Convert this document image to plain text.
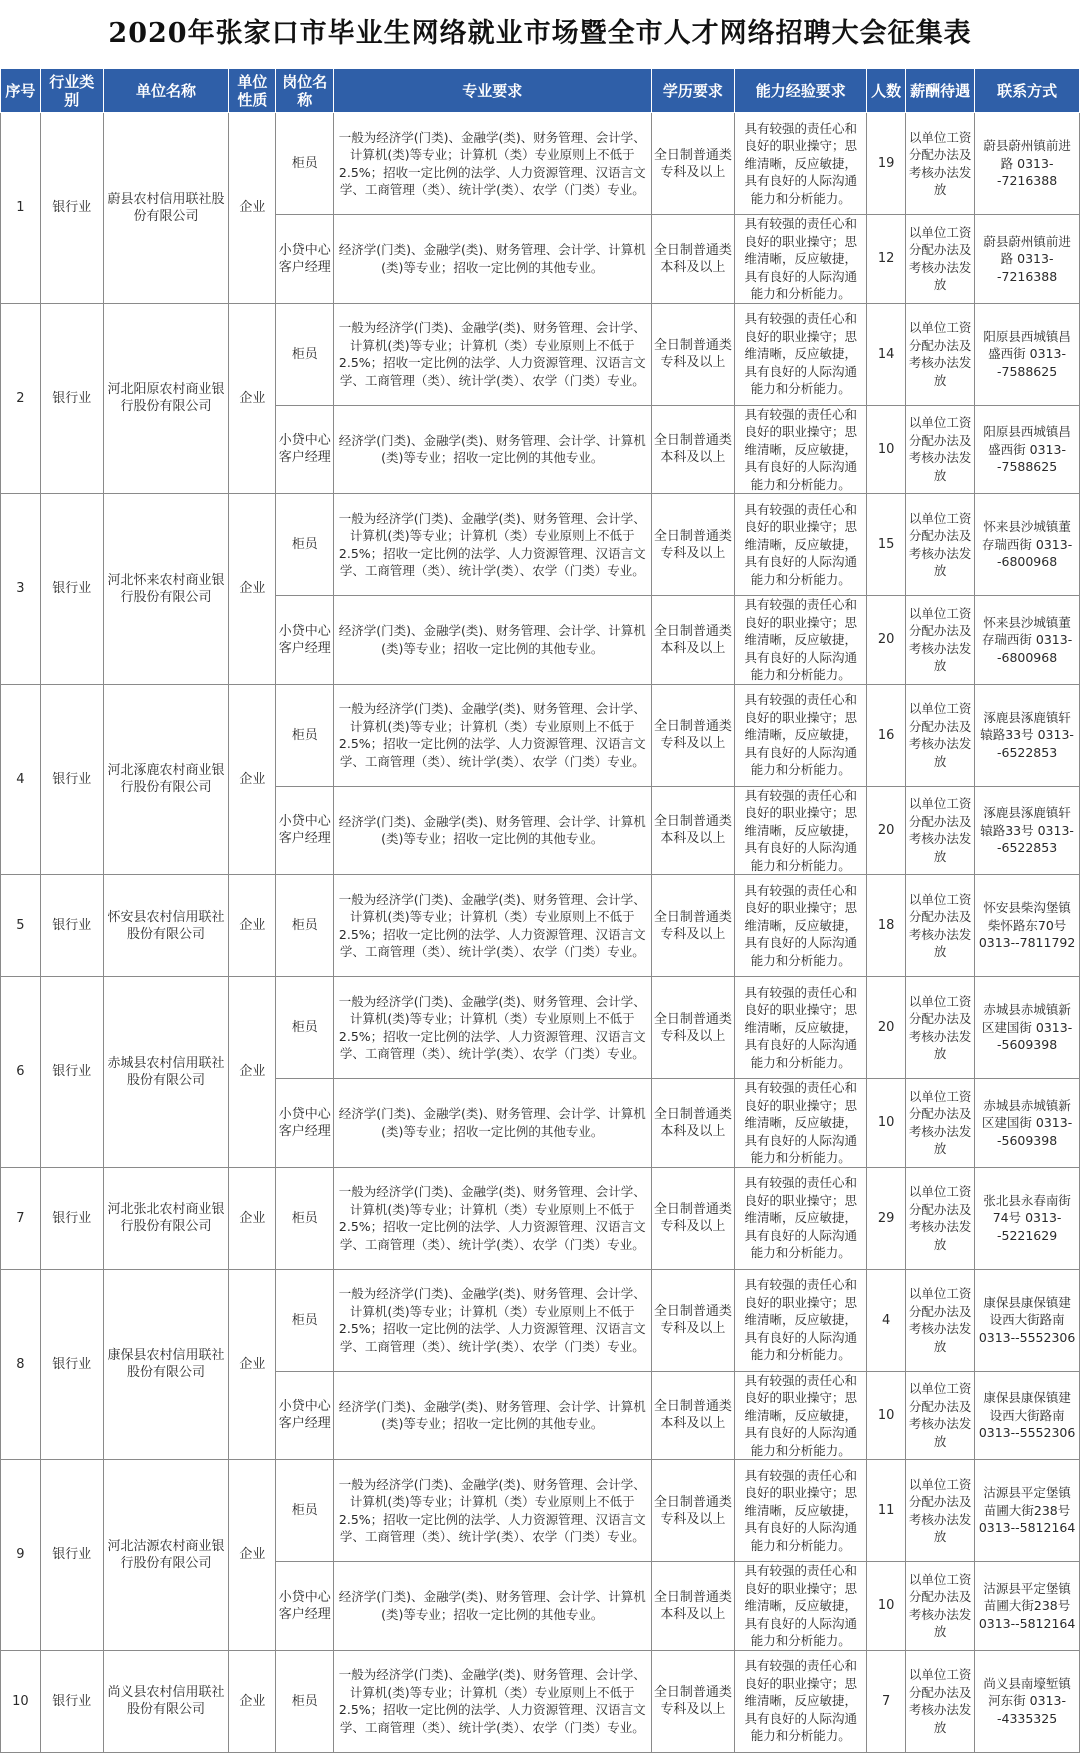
2020年张家口市毕业生网络就业市场暨全市人才网络招聘大会征集表
序号	行业类别	单位名称	单位性质	岗位名称	专业要求	学历要求	能力经验要求	人数	薪酬待遇	联系方式
1	银行业	蔚县农村信用联社股份有限公司	企业	柜员	一般为经济学(门类)、金融学(类)、财务管理、会计学、计算机(类)等专业；计算机（类）专业原则上不低于2.5%；招收一定比例的法学、人力资源管理、汉语言文学、工商管理（类）、统计学(类）、农学（门类）专业。	全日制普通类专科及以上	具有较强的责任心和良好的职业操守；思维清晰，反应敏捷，具有良好的人际沟通能力和分析能力。	19	以单位工资分配办法及考核办法发放	蔚县蔚州镇前进路 0313--7216388
				小贷中心客户经理	经济学(门类)、金融学(类)、财务管理、会计学、计算机(类)等专业；招收一定比例的其他专业。	全日制普通类本科及以上	具有较强的责任心和良好的职业操守；思维清晰，反应敏捷，具有良好的人际沟通能力和分析能力。	12	以单位工资分配办法及考核办法发放	蔚县蔚州镇前进路 0313--7216388
2	银行业	河北阳原农村商业银行股份有限公司	企业	柜员	一般为经济学(门类)、金融学(类)、财务管理、会计学、计算机(类)等专业；计算机（类）专业原则上不低于2.5%；招收一定比例的法学、人力资源管理、汉语言文学、工商管理（类）、统计学(类）、农学（门类）专业。	全日制普通类专科及以上	具有较强的责任心和良好的职业操守；思维清晰，反应敏捷，具有良好的人际沟通能力和分析能力。	14	以单位工资分配办法及考核办法发放	阳原县西城镇昌盛西街 0313--7588625
				小贷中心客户经理	经济学(门类)、金融学(类)、财务管理、会计学、计算机(类)等专业；招收一定比例的其他专业。	全日制普通类本科及以上	具有较强的责任心和良好的职业操守；思维清晰，反应敏捷，具有良好的人际沟通能力和分析能力。	10	以单位工资分配办法及考核办法发放	阳原县西城镇昌盛西街 0313--7588625
3	银行业	河北怀来农村商业银行股份有限公司	企业	柜员	一般为经济学(门类)、金融学(类)、财务管理、会计学、计算机(类)等专业；计算机（类）专业原则上不低于2.5%；招收一定比例的法学、人力资源管理、汉语言文学、工商管理（类）、统计学(类）、农学（门类）专业。	全日制普通类专科及以上	具有较强的责任心和良好的职业操守；思维清晰，反应敏捷，具有良好的人际沟通能力和分析能力。	15	以单位工资分配办法及考核办法发放	怀来县沙城镇董存瑞西街 0313--6800968
				小贷中心客户经理	经济学(门类)、金融学(类)、财务管理、会计学、计算机(类)等专业；招收一定比例的其他专业。	全日制普通类本科及以上	具有较强的责任心和良好的职业操守；思维清晰，反应敏捷，具有良好的人际沟通能力和分析能力。	20	以单位工资分配办法及考核办法发放	怀来县沙城镇董存瑞西街 0313--6800968
4	银行业	河北涿鹿农村商业银行股份有限公司	企业	柜员	一般为经济学(门类)、金融学(类)、财务管理、会计学、计算机(类)等专业；计算机（类）专业原则上不低于2.5%；招收一定比例的法学、人力资源管理、汉语言文学、工商管理（类）、统计学(类）、农学（门类）专业。	全日制普通类专科及以上	具有较强的责任心和良好的职业操守；思维清晰，反应敏捷，具有良好的人际沟通能力和分析能力。	16	以单位工资分配办法及考核办法发放	涿鹿县涿鹿镇轩辕路33号 0313--6522853
				小贷中心客户经理	经济学(门类)、金融学(类)、财务管理、会计学、计算机(类)等专业；招收一定比例的其他专业。	全日制普通类本科及以上	具有较强的责任心和良好的职业操守；思维清晰，反应敏捷，具有良好的人际沟通能力和分析能力。	20	以单位工资分配办法及考核办法发放	涿鹿县涿鹿镇轩辕路33号 0313--6522853
5	银行业	怀安县农村信用联社股份有限公司	企业	柜员	一般为经济学(门类)、金融学(类)、财务管理、会计学、计算机(类)等专业；计算机（类）专业原则上不低于2.5%；招收一定比例的法学、人力资源管理、汉语言文学、工商管理（类）、统计学(类）、农学（门类）专业。	全日制普通类专科及以上	具有较强的责任心和良好的职业操守；思维清晰，反应敏捷，具有良好的人际沟通能力和分析能力。	18	以单位工资分配办法及考核办法发放	怀安县柴沟堡镇柴怀路东70号 0313--7811792
6	银行业	赤城县农村信用联社股份有限公司	企业	柜员	一般为经济学(门类)、金融学(类)、财务管理、会计学、计算机(类)等专业；计算机（类）专业原则上不低于2.5%；招收一定比例的法学、人力资源管理、汉语言文学、工商管理（类）、统计学(类）、农学（门类）专业。	全日制普通类专科及以上	具有较强的责任心和良好的职业操守；思维清晰，反应敏捷，具有良好的人际沟通能力和分析能力。	20	以单位工资分配办法及考核办法发放	赤城县赤城镇新区建国街 0313--5609398
				小贷中心客户经理	经济学(门类)、金融学(类)、财务管理、会计学、计算机(类)等专业；招收一定比例的其他专业。	全日制普通类本科及以上	具有较强的责任心和良好的职业操守；思维清晰，反应敏捷，具有良好的人际沟通能力和分析能力。	10	以单位工资分配办法及考核办法发放	赤城县赤城镇新区建国街 0313--5609398
7	银行业	河北张北农村商业银行股份有限公司	企业	柜员	一般为经济学(门类)、金融学(类)、财务管理、会计学、计算机(类)等专业；计算机（类）专业原则上不低于2.5%；招收一定比例的法学、人力资源管理、汉语言文学、工商管理（类）、统计学(类）、农学（门类）专业。	全日制普通类专科及以上	具有较强的责任心和良好的职业操守；思维清晰，反应敏捷，具有良好的人际沟通能力和分析能力。	29	以单位工资分配办法及考核办法发放	张北县永春南街74号 0313--5221629
8	银行业	康保县农村信用联社股份有限公司	企业	柜员	一般为经济学(门类)、金融学(类)、财务管理、会计学、计算机(类)等专业；计算机（类）专业原则上不低于2.5%；招收一定比例的法学、人力资源管理、汉语言文学、工商管理（类）、统计学(类）、农学（门类）专业。	全日制普通类专科及以上	具有较强的责任心和良好的职业操守；思维清晰，反应敏捷，具有良好的人际沟通能力和分析能力。	4	以单位工资分配办法及考核办法发放	康保县康保镇建设西大街路南 0313--5552306
				小贷中心客户经理	经济学(门类)、金融学(类)、财务管理、会计学、计算机(类)等专业；招收一定比例的其他专业。	全日制普通类本科及以上	具有较强的责任心和良好的职业操守；思维清晰，反应敏捷，具有良好的人际沟通能力和分析能力。	10	以单位工资分配办法及考核办法发放	康保县康保镇建设西大街路南 0313--5552306
9	银行业	河北沽源农村商业银行股份有限公司	企业	柜员	一般为经济学(门类)、金融学(类)、财务管理、会计学、计算机(类)等专业；计算机（类）专业原则上不低于2.5%；招收一定比例的法学、人力资源管理、汉语言文学、工商管理（类）、统计学(类）、农学（门类）专业。	全日制普通类专科及以上	具有较强的责任心和良好的职业操守；思维清晰，反应敏捷，具有良好的人际沟通能力和分析能力。	11	以单位工资分配办法及考核办法发放	沽源县平定堡镇苗圃大街238号 0313--5812164
				小贷中心客户经理	经济学(门类)、金融学(类)、财务管理、会计学、计算机(类)等专业；招收一定比例的其他专业。	全日制普通类本科及以上	具有较强的责任心和良好的职业操守；思维清晰，反应敏捷，具有良好的人际沟通能力和分析能力。	10	以单位工资分配办法及考核办法发放	沽源县平定堡镇苗圃大街238号 0313--5812164
10	银行业	尚义县农村信用联社股份有限公司	企业	柜员	一般为经济学(门类)、金融学(类)、财务管理、会计学、计算机(类)等专业；计算机（类）专业原则上不低于2.5%；招收一定比例的法学、人力资源管理、汉语言文学、工商管理（类）、统计学(类）、农学（门类）专业。	全日制普通类专科及以上	具有较强的责任心和良好的职业操守；思维清晰，反应敏捷，具有良好的人际沟通能力和分析能力。	7	以单位工资分配办法及考核办法发放	尚义县南壕堑镇河东街 0313--4335325
